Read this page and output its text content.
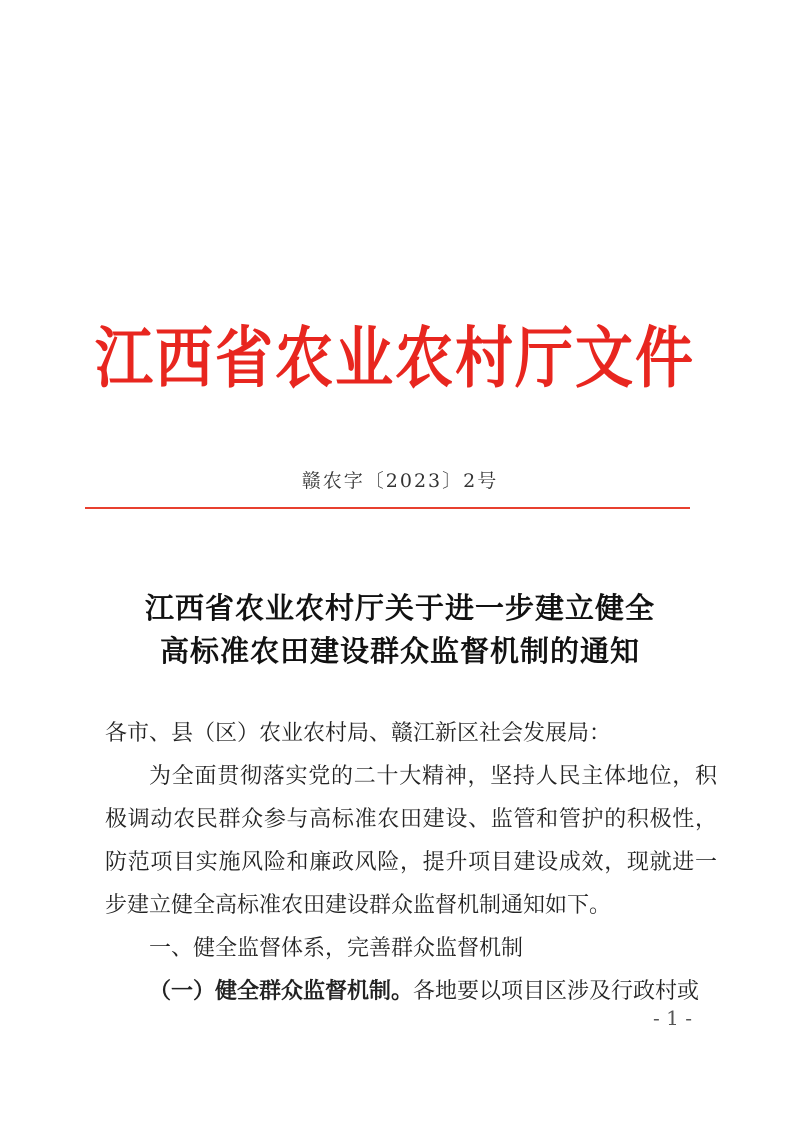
江西省农业农村厅文件
赣农字〔2023〕2号
江西省农业农村厅关于进一步建立健全
高标准农田建设群众监督机制的通知

各市、县（区）农业农村局、赣江新区社会发展局：

为全面贯彻落实党的二十大精神，坚持人民主体地位，积极调动农民群众参与高标准农田建设、监管和管护的积极性，防范项目实施风险和廉政风险，提升项目建设成效，现就进一步建立健全高标准农田建设群众监督机制通知如下。

一、健全监督体系，完善群众监督机制

（一）健全群众监督机制。各地要以项目区涉及行政村或

- 1 -
